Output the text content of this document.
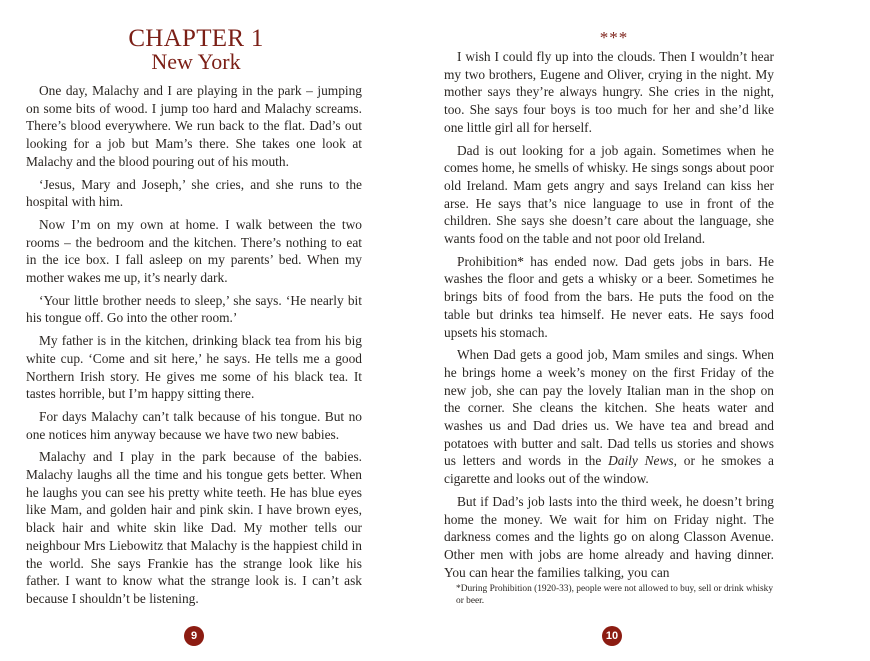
CHAPTER 1
New York

One day, Malachy and I are playing in the park – jumping on some bits of wood. I jump too hard and Malachy screams. There’s blood everywhere. We run back to the flat. Dad’s out looking for a job but Mam’s there. She takes one look at Malachy and the blood pouring out of his mouth.

‘Jesus, Mary and Joseph,’ she cries, and she runs to the hospital with him.

Now I’m on my own at home. I walk between the two rooms – the bedroom and the kitchen. There’s nothing to eat in the ice box. I fall asleep on my parents’ bed. When my mother wakes me up, it’s nearly dark.

‘Your little brother needs to sleep,’ she says. ‘He nearly bit his tongue off. Go into the other room.’

My father is in the kitchen, drinking black tea from his big white cup. ‘Come and sit here,’ he says. He tells me a good Northern Irish story. He gives me some of his black tea. It tastes horrible, but I’m happy sitting there.

For days Malachy can’t talk because of his tongue. But no one notices him anyway because we have two new babies.

Malachy and I play in the park because of the babies. Malachy laughs all the time and his tongue gets better. When he laughs you can see his pretty white teeth. He has blue eyes like Mam, and golden hair and pink skin. I have brown eyes, black hair and white skin like Dad. My mother tells our neighbour Mrs Liebowitz that Malachy is the happiest child in the world. She says Frankie has the strange look like his father. I want to know what the strange look is. I can’t ask because I shouldn’t be listening.

9
***

I wish I could fly up into the clouds. Then I wouldn’t hear my two brothers, Eugene and Oliver, crying in the night. My mother says they’re always hungry. She cries in the night, too. She says four boys is too much for her and she’d like one little girl all for herself.

Dad is out looking for a job again. Sometimes when he comes home, he smells of whisky. He sings songs about poor old Ireland. Mam gets angry and says Ireland can kiss her arse. He says that’s nice language to use in front of the children. She says she doesn’t care about the language, she wants food on the table and not poor old Ireland.

Prohibition* has ended now. Dad gets jobs in bars. He washes the floor and gets a whisky or a beer. Sometimes he brings bits of food from the bars. He puts the food on the table but drinks tea himself. He never eats. He says food upsets his stomach.

When Dad gets a good job, Mam smiles and sings. When he brings home a week’s money on the first Friday of the new job, she can pay the lovely Italian man in the shop on the corner. She cleans the kitchen. She heats water and washes us and Dad dries us. We have tea and bread and potatoes with butter and salt. Dad tells us stories and shows us letters and words in the Daily News, or he smokes a cigarette and looks out of the window.

But if Dad’s job lasts into the third week, he doesn’t bring home the money. We wait for him on Friday night. The darkness comes and the lights go on along Classon Avenue. Other men with jobs are home already and having dinner. You can hear the families talking, you can

*During Prohibition (1920-33), people were not allowed to buy, sell or drink whisky or beer.
10
